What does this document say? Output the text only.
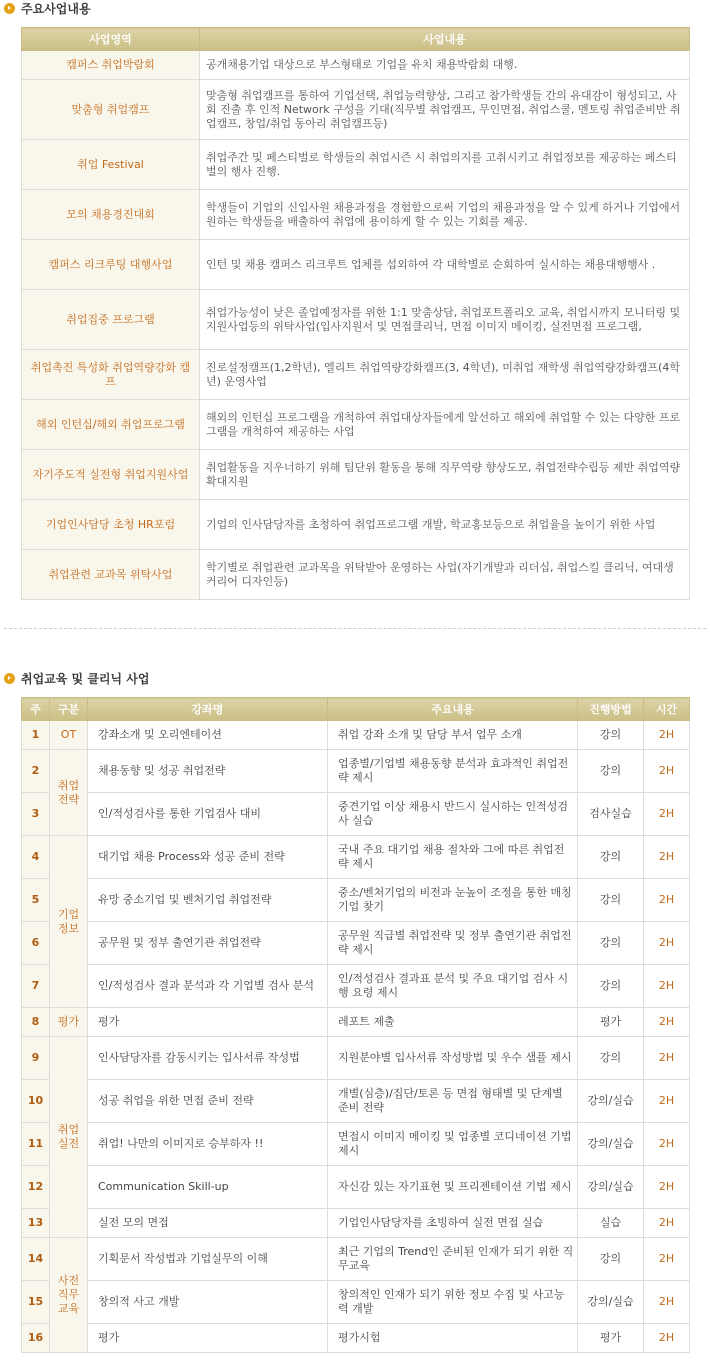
주요사업내용
사업영역	사업내용
캠퍼스 취업박람회	공개채용기업 대상으로 부스형태로 기업을 유치 채용박람회 대행.
맞춤형 취업캠프	맞춤형 취업캠프를 통하여 기업선택, 취업능력향상, 그리고 참가학생들 간의 유대감이 형성되고, 사회 진출 후 인적 Network 구성을 기대(직무별 취업캠프, 무인면접, 취업스쿨, 멘토링 취업준비반 취업캠프, 창업/취업 동아리 취업캠프등)
취업 Festival	취업주간 및 페스티벌로 학생들의 취업시즌 시 취업의지를 고취시키고 취업정보를 제공하는 페스티벌의 행사 진행.
모의 채용경진대회	학생들이 기업의 신입사원 채용과정을 경험함으로써 기업의 채용과정을 알 수 있게 하거나 기업에서 원하는 학생들을 배출하여 취업에 용이하게 할 수 있는 기회를 제공.
캠퍼스 리크루팅 대행사업	인턴 및 채용 캠퍼스 리크루트 업체를 섭외하여 각 대학별로 순회하여 실시하는 채용대행행사 .
취업집중 프로그램	취업가능성이 낮은 졸업예정자를 위한 1:1 맞춤상담, 취업포트폴리오 교육, 취업시까지 모니터링 및 지원사업등의 위탁사업(입사지원서 및 면접클리닉, 면접 이미지 메이킹, 실전면접 프로그램,
취업촉진 특성화 취업역량강화 캠프	진로설정캠프(1,2학년), 엘리트 취업역량강화캠프(3, 4학년), 미취업 재학생 취업역량강화캠프(4학년) 운영사업
해외 인턴십/해외 취업프로그램	해외의 인턴십 프로그램을 개척하여 취업대상자들에게 알선하고 해외에 취업할 수 있는 다양한 프로그램을 개척하여 제공하는 사업
자기주도적 실전형 취업지원사업	취업활동을 지우너하기 위해 팀단위 활동을 통해 직무역량 향상도모, 취업전략수립등 제반 취업역량 확대지원
기업인사담당 초청 HR포럼	기업의 인사담당자를 초청하여 취업프로그램 개발, 학교홍보등으로 취업율을 높이기 위한 사업
취업관련 교과목 위탁사업	학기별로 취업관련 교과목을 위탁받아 운영하는 사업(자기개발과 리더십, 취업스킬 클리닉, 여대생 커리어 디자인등)
취업교육 및 클리닉 사업
주	구분	강좌명	주요내용	진행방법	시간
1	OT	강좌소개 및 오리엔테이션	취업 강좌 소개 및 담당 부서 업무 소개	강의	2H
2	취업 전략	채용동향 및 성공 취업전략	업종별/기업별 채용동향 분석과 효과적인 취업전략 제시	강의	2H
3		인/적성검사를 통한 기업검사 대비	중견기업 이상 채용시 반드시 실시하는 인적성검사 실습	검사실습	2H
4	기업 정보	대기업 채용 Process와 성공 준비 전략	국내 주요 대기업 채용 절차와 그에 따른 취업전략 제시	강의	2H
5		유망 중소기업 및 벤처기업 취업전략	중소/벤처기업의 비전과 눈높이 조정을 통한 매칭 기업 찾기	강의	2H
6		공무원 및 정부 출연기관 취업전략	공무원 직급별 취업전략 및 정부 출연기관 취업전략 제시	강의	2H
7		인/적성검사 결과 분석과 각 기업별 검사 분석	인/적성검사 결과표 분석 및 주요 대기업 검사 시행 요령 제시	강의	2H
8	평가	평가	레포트 제출	평가	2H
9	취업 실전	인사담당자를 감동시키는 입사서류 작성법	지원분야별 입사서류 작성방법 및 우수 샘플 제시	강의	2H
10		성공 취업을 위한 면접 준비 전략	개별(심층)/집단/토론 등 면접 형태별 및 단계별 준비 전략	강의/실습	2H
11		취업! 나만의 이미지로 승부하자 !!	면접시 이미지 메이킹 및 업종별 코디네이션 기법 제시	강의/실습	2H
12		Communication Skill-up	자신감 있는 자기표현 및 프리젠테이션 기법 제시	강의/실습	2H
13		실전 모의 면접	기업인사담당자를 초빙하여 실전 면접 실습	실습	2H
14	사전 직무 교육	기획문서 작성법과 기업실무의 이해	최근 기업의 Trend인 준비된 인재가 되기 위한 직무교육	강의	2H
15		창의적 사고 개발	창의적인 인재가 되기 위한 정보 수집 및 사고능력 개발	강의/실습	2H
16		평가	평가시험	평가	2H
